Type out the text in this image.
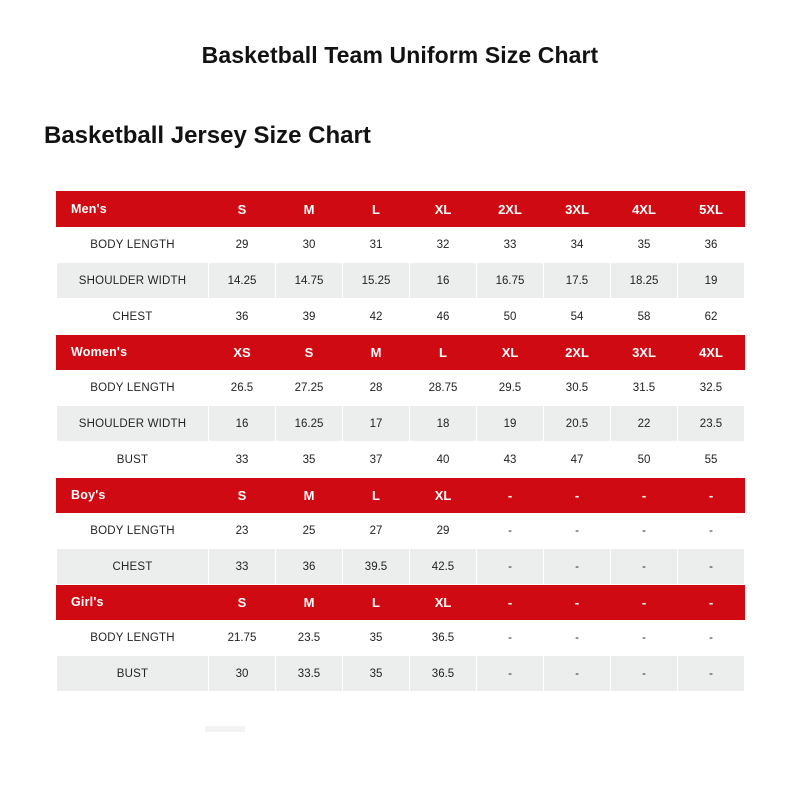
Basketball Team Uniform Size Chart
Basketball Jersey Size Chart
Men's	S	M	L	XL	2XL	3XL	4XL	5XL
BODY LENGTH	29	30	31	32	33	34	35	36
SHOULDER WIDTH	14.25	14.75	15.25	16	16.75	17.5	18.25	19
CHEST	36	39	42	46	50	54	58	62
Women's	XS	S	M	L	XL	2XL	3XL	4XL
BODY LENGTH	26.5	27.25	28	28.75	29.5	30.5	31.5	32.5
SHOULDER WIDTH	16	16.25	17	18	19	20.5	22	23.5
BUST	33	35	37	40	43	47	50	55
Boy's	S	M	L	XL	-	-	-	-
BODY LENGTH	23	25	27	29	-	-	-	-
CHEST	33	36	39.5	42.5	-	-	-	-
Girl's	S	M	L	XL	-	-	-	-
BODY LENGTH	21.75	23.5	35	36.5	-	-	-	-
BUST	30	33.5	35	36.5	-	-	-	-
